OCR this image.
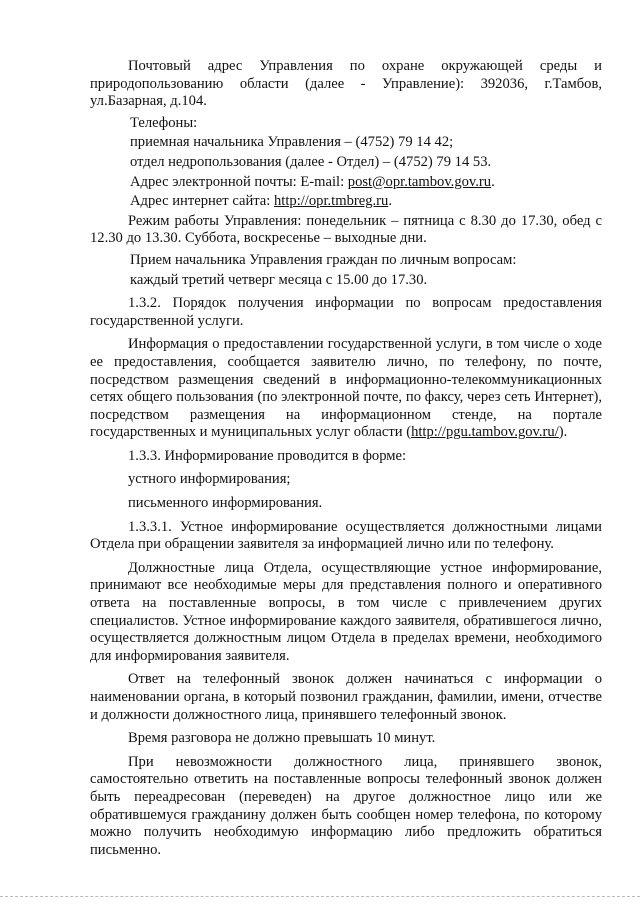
Почтовый адрес Управления по охране окружающей среды и природопользованию области (далее - Управление): 392036, г.Тамбов, ул.Базарная, д.104.

Телефоны:

приемная начальника Управления – (4752) 79 14 42;

отдел недропользования (далее - Отдел) – (4752) 79 14 53.

Адрес электронной почты: E-mail: post@opr.tambov.gov.ru.

Адрес интернет сайта: http://opr.tmbreg.ru.

Режим работы Управления: понедельник – пятница с 8.30 до 17.30, обед с 12.30 до 13.30. Суббота, воскресенье – выходные дни.

Прием начальника Управления граждан по личным вопросам:

каждый третий четверг месяца с 15.00 до 17.30.

1.3.2. Порядок получения информации по вопросам предоставления государственной услуги.

Информация о предоставлении государственной услуги, в том числе о ходе ее предоставления, сообщается заявителю лично, по телефону, по почте, посредством размещения сведений в информационно-телекоммуникационных сетях общего пользования (по электронной почте, по факсу, через сеть Интернет), посредством размещения на информационном стенде, на портале государственных и муниципальных услуг области (http://pgu.tambov.gov.ru/).

1.3.3. Информирование проводится в форме:

устного информирования;

письменного информирования.

1.3.3.1. Устное информирование осуществляется должностными лицами Отдела при обращении заявителя за информацией лично или по телефону.

Должностные лица Отдела, осуществляющие устное информирование, принимают все необходимые меры для представления полного и оперативного ответа на поставленные вопросы, в том числе с привлечением других специалистов. Устное информирование каждого заявителя, обратившегося лично, осуществляется должностным лицом Отдела в пределах времени, необходимого для информирования заявителя.

Ответ на телефонный звонок должен начинаться с информации о наименовании органа, в который позвонил гражданин, фамилии, имени, отчестве и должности должностного лица, принявшего телефонный звонок.

Время разговора не должно превышать 10 минут.

При невозможности должностного лица, принявшего звонок, самостоятельно ответить на поставленные вопросы телефонный звонок должен быть переадресован (переведен) на другое должностное лицо или же обратившемуся гражданину должен быть сообщен номер телефона, по которому можно получить необходимую информацию либо предложить обратиться письменно.
